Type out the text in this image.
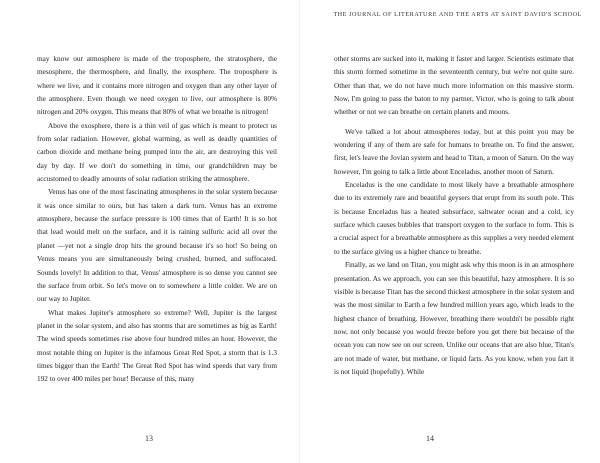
may know our atmosphere is made of the troposphere, the stratosphere, the mesosphere, the thermosphere, and finally, the exosphere. The troposphere is where we live, and it contains more nitrogen and oxygen than any other layer of the atmosphere. Even though we need oxygen to live, our atmosphere is 80% nitrogen and 20% oxygen. This means that 80% of what we breathe is nitrogen!

Above the exosphere, there is a thin veil of gas which is meant to protect us from solar radiation. However, global warming, as well as deadly quantities of carbon dioxide and methane being pumped into the air, are destroying this veil day by day. If we don't do something in time, our grandchildren may be accustomed to deadly amounts of solar radiation striking the atmosphere.

Venus has one of the most fascinating atmospheres in the solar system because it was once similar to ours, but has taken a dark turn. Venus has an extreme atmosphere, because the surface pressure is 100 times that of Earth! It is so hot that lead would melt on the surface, and it is raining sulfuric acid all over the planet —yet not a single drop hits the ground because it's so hot! So being on Venus means you are simultaneously being crushed, burned, and suffocated. Sounds lovely! In addition to that, Venus' atmosphere is so dense you cannot see the surface from orbit. So let's move on to somewhere a little colder. We are on our way to Jupiter.

What makes Jupiter's atmosphere so extreme? Well, Jupiter is the largest planet in the solar system, and also has storms that are sometimes as big as Earth! The wind speeds sometimes rise above four hundred miles an hour. However, the most notable thing on Jupiter is the infamous Great Red Spot, a storm that is 1.3 times bigger than the Earth! The Great Red Spot has wind speeds that vary from 192 to over 400 miles per hour! Because of this, many

13
THE JOURNAL OF LITERATURE AND THE ARTS AT SAINT DAVID'S SCHOOL

other storms are sucked into it, making it faster and larger. Scientists estimate that this storm formed sometime in the seventeenth century, but we're not quite sure. Other than that, we do not have much more information on this massive storm. Now, I'm going to pass the baton to my partner, Victor, who is going to talk about whether or not we can breathe on certain planets and moons.

We've talked a lot about atmospheres today, but at this point you may be wondering if any of them are safe for humans to breathe on. To find the answer, first, let's leave the Jovian system and head to Titan, a moon of Saturn. On the way however, I'm going to talk a little about Enceladus, another moon of Saturn.

Enceladus is the one candidate to most likely have a breathable atmosphere due to its extremely rare and beautiful geysers that erupt from its south pole. This is because Enceladus has a heated subsurface, saltwater ocean and a cold, icy surface which causes bubbles that transport oxygen to the surface to form. This is a crucial aspect for a breathable atmosphere as this supplies a very needed element to the surface giving us a higher chance to breathe.

Finally, as we land on Titan, you might ask why this moon is in an atmosphere presentation. As we approach, you can see this beautiful, hazy atmosphere. It is so visible is because Titan has the second thickest atmosphere in the solar system and was the most similar to Earth a few hundred million years ago, which leads to the highest chance of breathing. However, breathing there wouldn't be possible right now, not only because you would freeze before you get there but because of the ocean you can now see on our screen. Unlike our oceans that are also blue, Titan's are not made of water, but methane, or liquid farts. As you know, when you fart it is not liquid (hopefully). While

14
